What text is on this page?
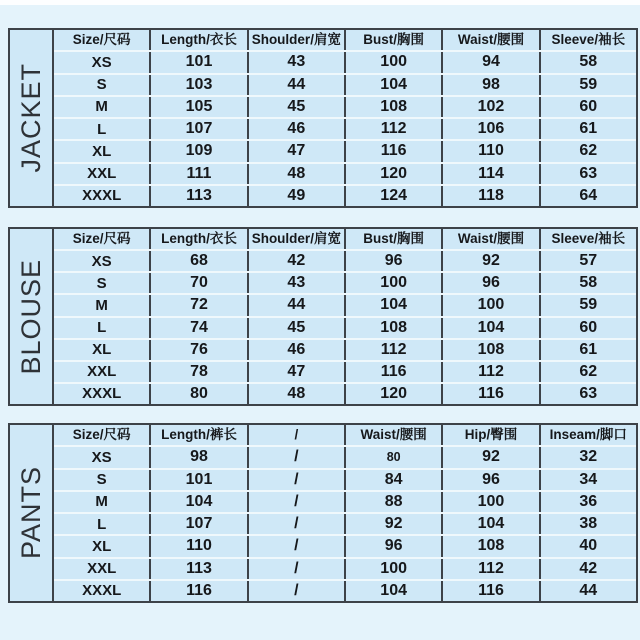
JACKET
Size/尺码	Length/衣长	Shoulder/肩宽	Bust/胸围	Waist/腰围	Sleeve/袖长
XS	101	43	100	94	58
S	103	44	104	98	59
M	105	45	108	102	60
L	107	46	112	106	61
XL	109	47	116	110	62
XXL	111	48	120	114	63
XXXL	113	49	124	118	64
BLOUSE
Size/尺码	Length/衣长	Shoulder/肩宽	Bust/胸围	Waist/腰围	Sleeve/袖长
XS	68	42	96	92	57
S	70	43	100	96	58
M	72	44	104	100	59
L	74	45	108	104	60
XL	76	46	112	108	61
XXL	78	47	116	112	62
XXXL	80	48	120	116	63
PANTS
Size/尺码	Length/裤长	/	Waist/腰围	Hip/臀围	Inseam/脚口
XS	98	/	80	92	32
S	101	/	84	96	34
M	104	/	88	100	36
L	107	/	92	104	38
XL	110	/	96	108	40
XXL	113	/	100	112	42
XXXL	116	/	104	116	44
